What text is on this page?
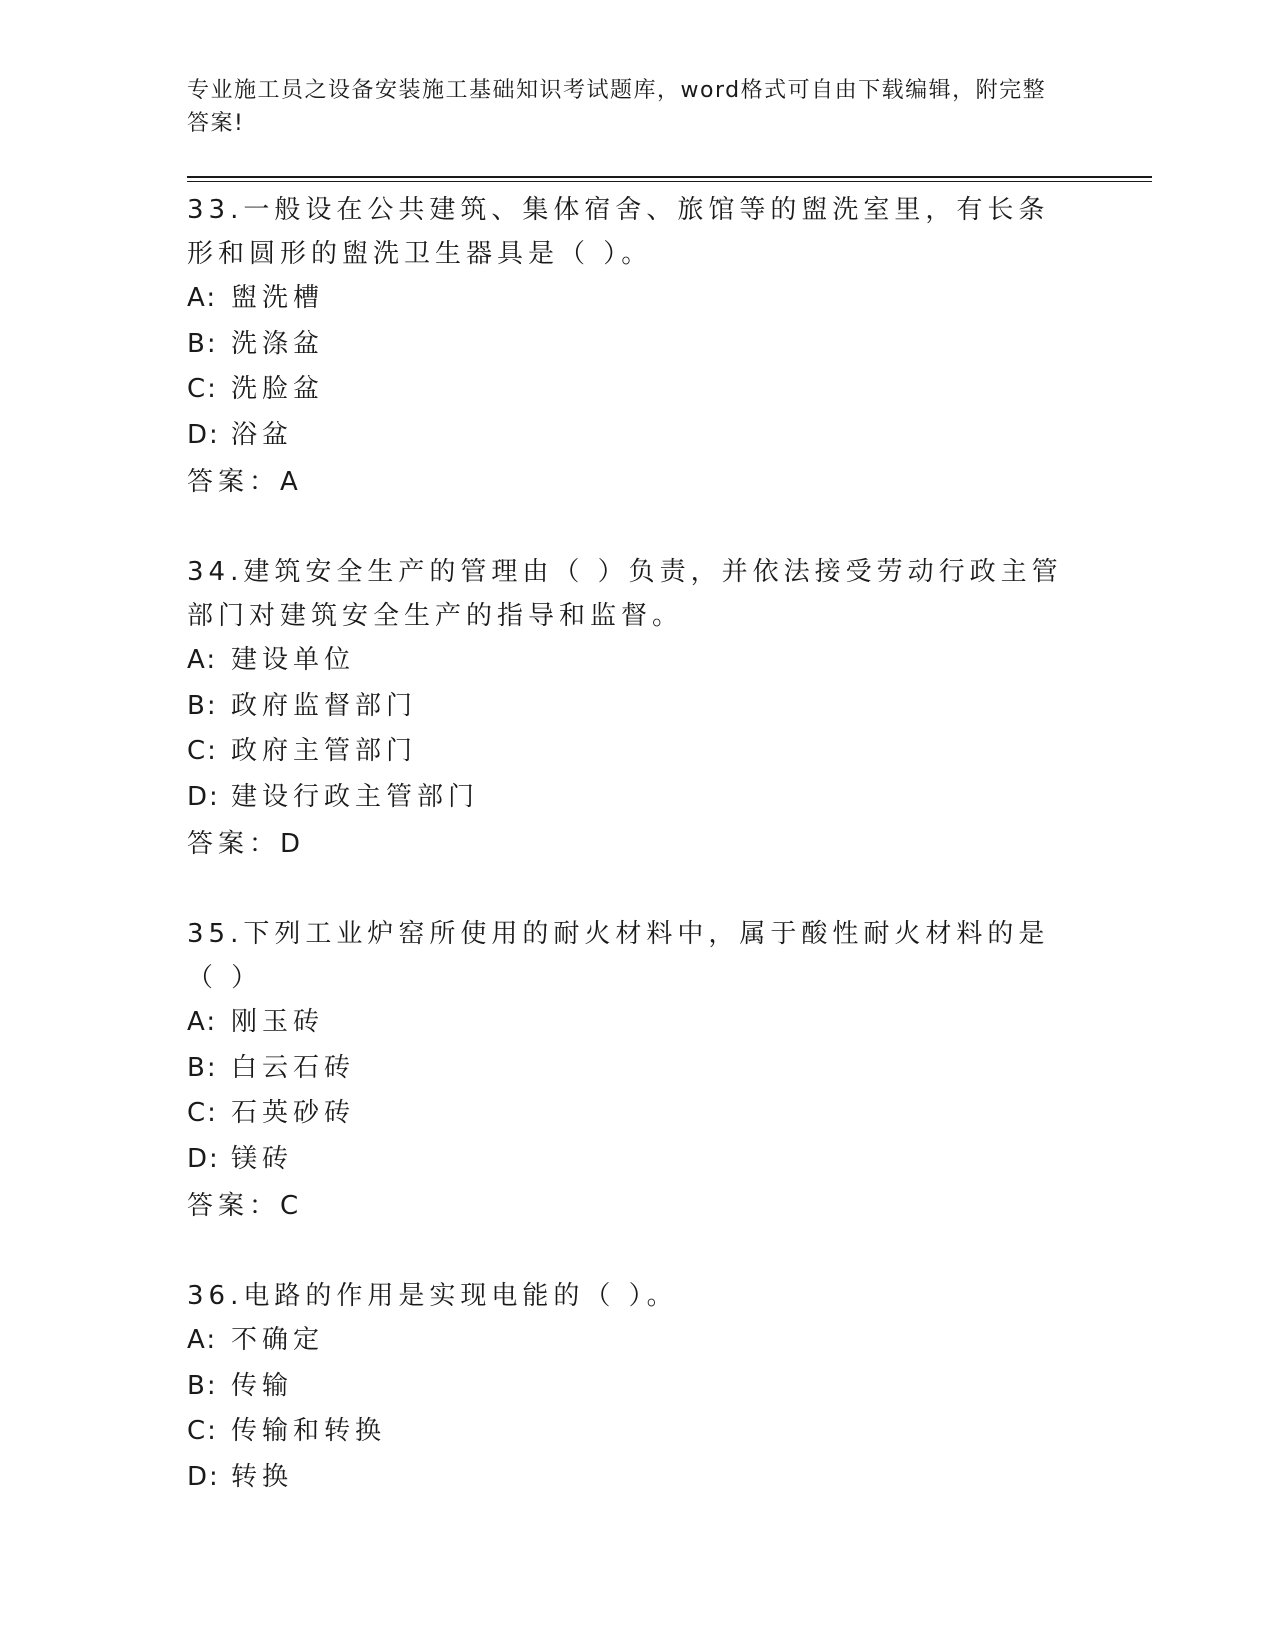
专业施工员之设备安装施工基础知识考试题库，word格式可自由下载编辑，附完整答案!
33.一般设在公共建筑、集体宿舍、旅馆等的盥洗室里，有长条形和圆形的盥洗卫生器具是（ ）。
A: 盥洗槽
B: 洗涤盆
C: 洗脸盆
D: 浴盆
答案：A
34.建筑安全生产的管理由（ ）负责，并依法接受劳动行政主管部门对建筑安全生产的指导和监督。
A: 建设单位
B: 政府监督部门
C: 政府主管部门
D: 建设行政主管部门
答案：D
35.下列工业炉窑所使用的耐火材料中，属于酸性耐火材料的是（ ）
A: 刚玉砖
B: 白云石砖
C: 石英砂砖
D: 镁砖
答案：C
36.电路的作用是实现电能的（ ）。
A: 不确定
B: 传输
C: 传输和转换
D: 转换
